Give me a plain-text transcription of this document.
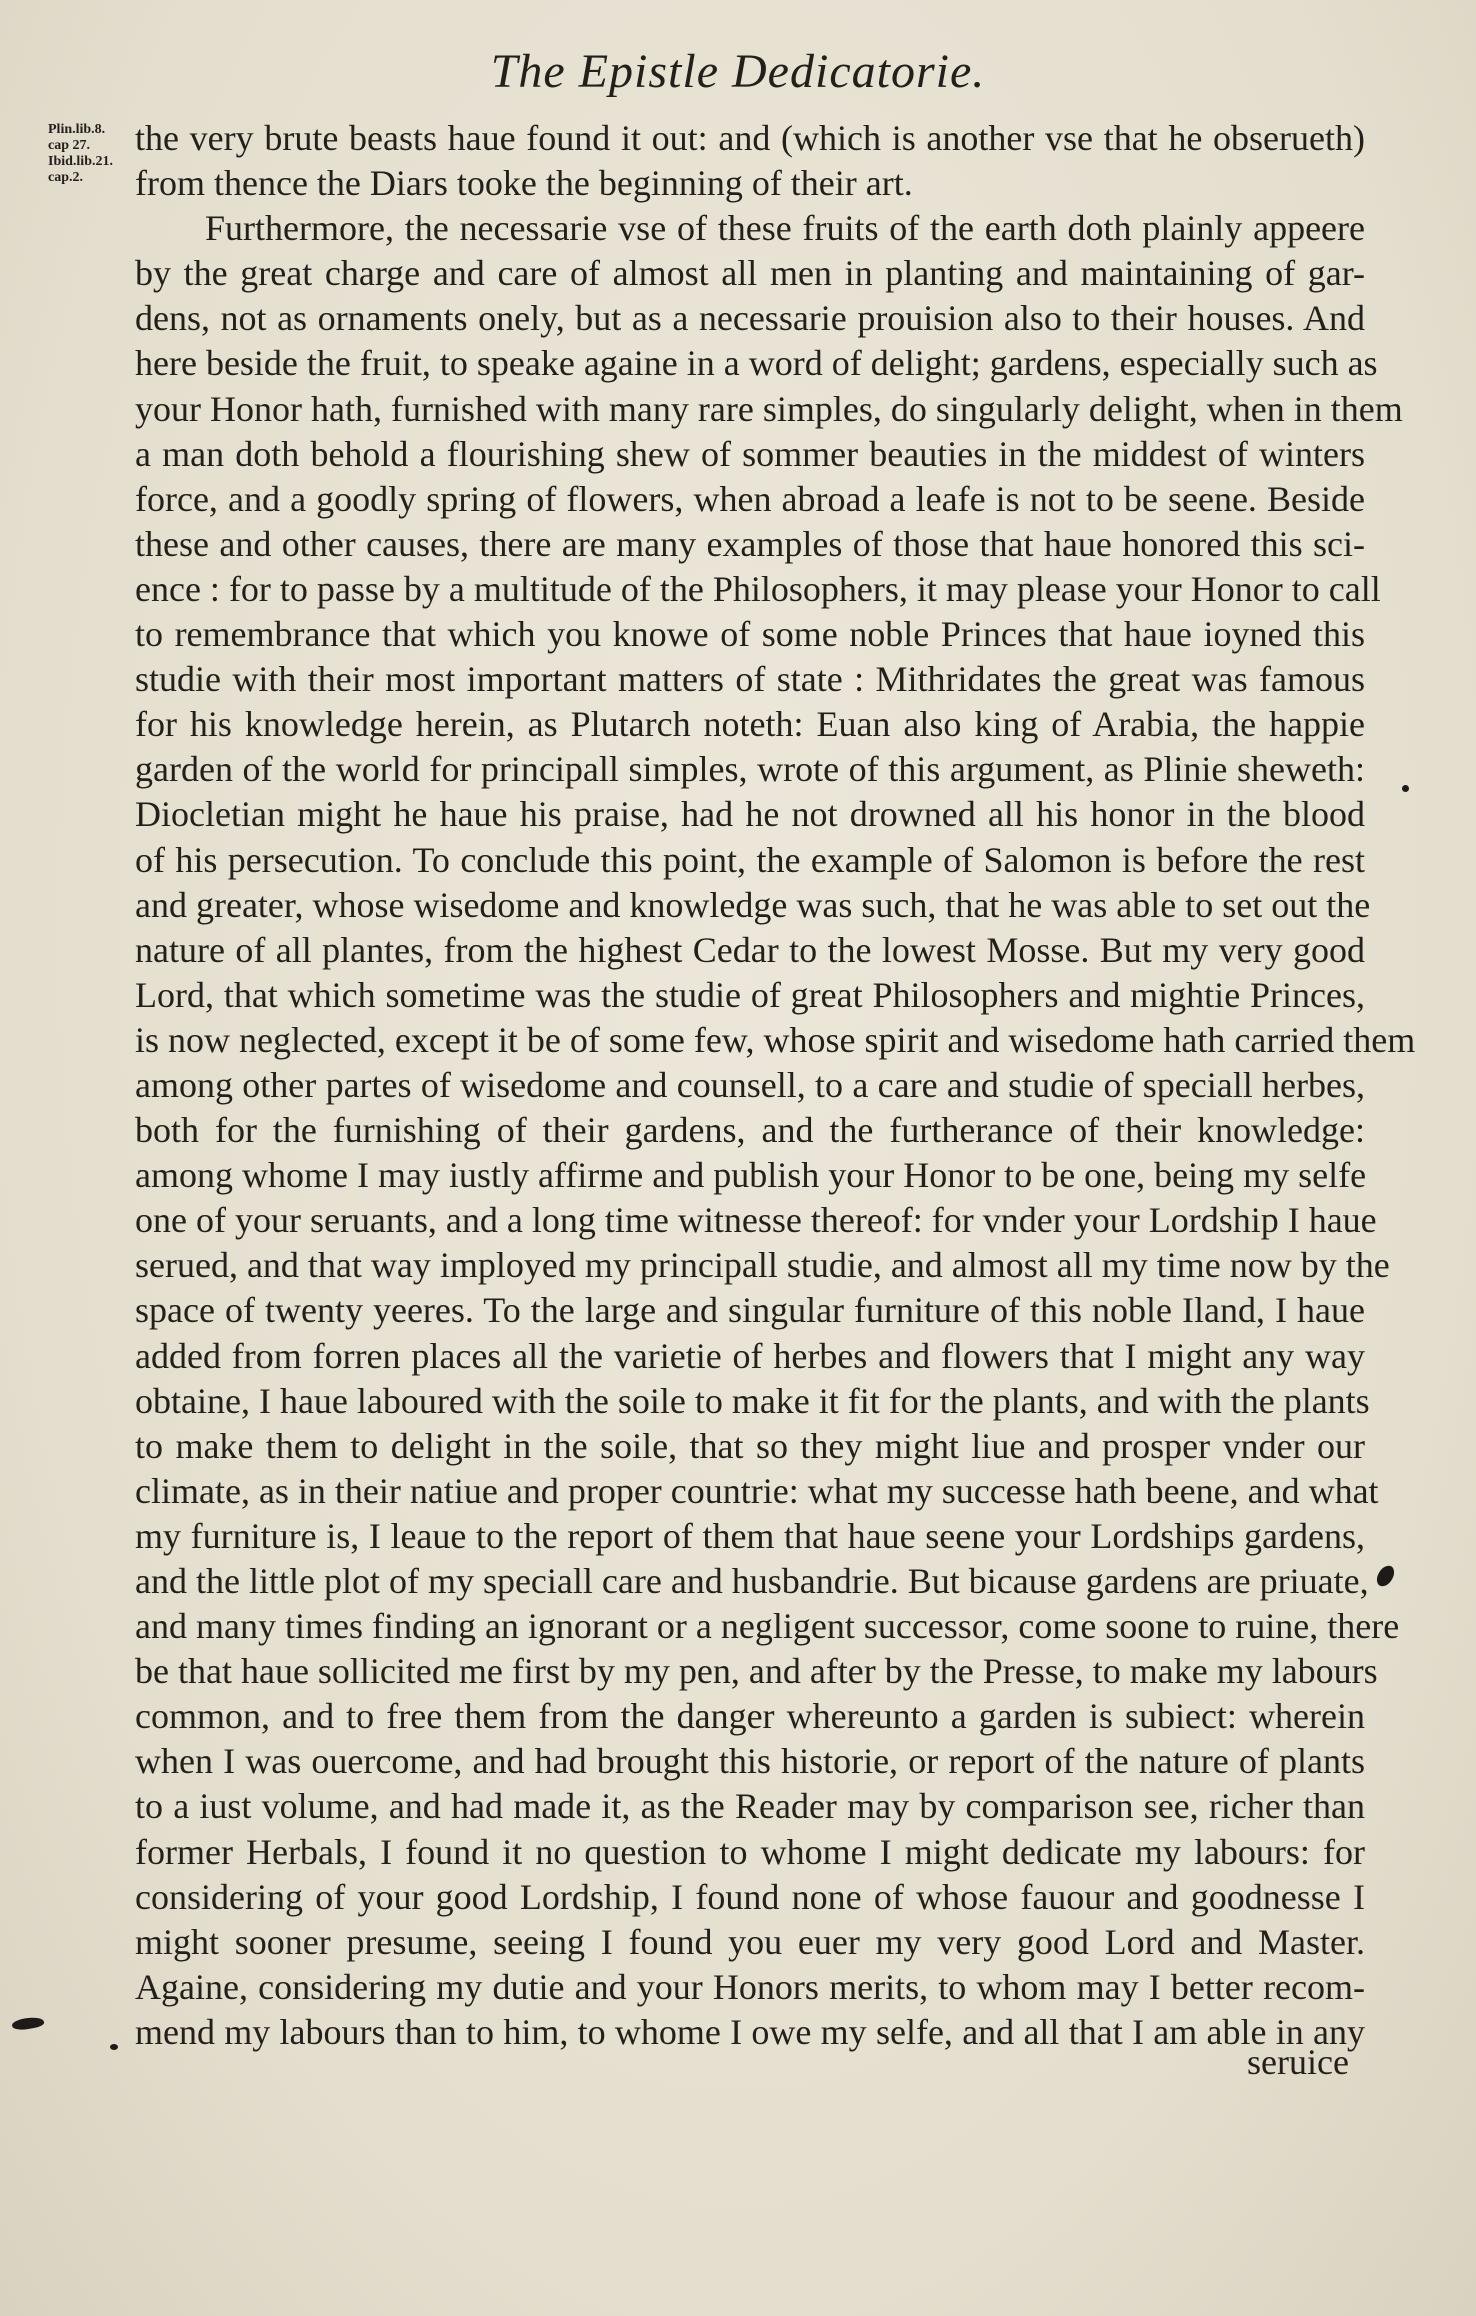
The Epistle Dedicatorie.
Plin.lib.8.
cap 27.
Ibid.lib.21.
cap.2.
the very brute beasts haue found it out: and (which is another vse that he obserueth)
from thence the Diars tooke the beginning of their art.
Furthermore, the necessarie vse of these fruits of the earth doth plainly appeere
by the great charge and care of almost all men in planting and maintaining of gar-
dens, not as ornaments onely, but as a necessarie prouision also to their houses. And
here beside the fruit, to speake againe in a word of delight; gardens, especially such as
your Honor hath, furnished with many rare simples, do singularly delight, when in them
a man doth behold a flourishing shew of sommer beauties in the middest of winters
force, and a goodly spring of flowers, when abroad a leafe is not to be seene. Beside
these and other causes, there are many examples of those that haue honored this sci-
ence : for to passe by a multitude of the Philosophers, it may please your Honor to call
to remembrance that which you knowe of some noble Princes that haue ioyned this
studie with their most important matters of state : Mithridates the great was famous
for his knowledge herein, as Plutarch noteth: Euan also king of Arabia, the happie
garden of the world for principall simples, wrote of this argument, as Plinie sheweth:
Diocletian might he haue his praise, had he not drowned all his honor in the blood
of his persecution. To conclude this point, the example of Salomon is before the rest
and greater, whose wisedome and knowledge was such, that he was able to set out the
nature of all plantes, from the highest Cedar to the lowest Mosse. But my very good
Lord, that which sometime was the studie of great Philosophers and mightie Princes,
is now neglected, except it be of some few, whose spirit and wisedome hath carried them
among other partes of wisedome and counsell, to a care and studie of speciall herbes,
both for the furnishing of their gardens, and the furtherance of their knowledge:
among whome I may iustly affirme and publish your Honor to be one, being my selfe
one of your seruants, and a long time witnesse thereof: for vnder your Lordship I haue
serued, and that way imployed my principall studie, and almost all my time now by the
space of twenty yeeres. To the large and singular furniture of this noble Iland, I haue
added from forren places all the varietie of herbes and flowers that I might any way
obtaine, I haue laboured with the soile to make it fit for the plants, and with the plants
to make them to delight in the soile, that so they might liue and prosper vnder our
climate, as in their natiue and proper countrie: what my successe hath beene, and what
my furniture is, I leaue to the report of them that haue seene your Lordships gardens,
and the little plot of my speciall care and husbandrie. But bicause gardens are priuate,
and many times finding an ignorant or a negligent successor, come soone to ruine, there
be that haue sollicited me first by my pen, and after by the Presse, to make my labours
common, and to free them from the danger whereunto a garden is subiect: wherein
when I was ouercome, and had brought this historie, or report of the nature of plants
to a iust volume, and had made it, as the Reader may by comparison see, richer than
former Herbals, I found it no question to whome I might dedicate my labours: for
considering of your good Lordship, I found none of whose fauour and goodnesse I
might sooner presume, seeing I found you euer my very good Lord and Master.
Againe, considering my dutie and your Honors merits, to whom may I better recom-
mend my labours than to him, to whome I owe my selfe, and all that I am able in any
seruice
